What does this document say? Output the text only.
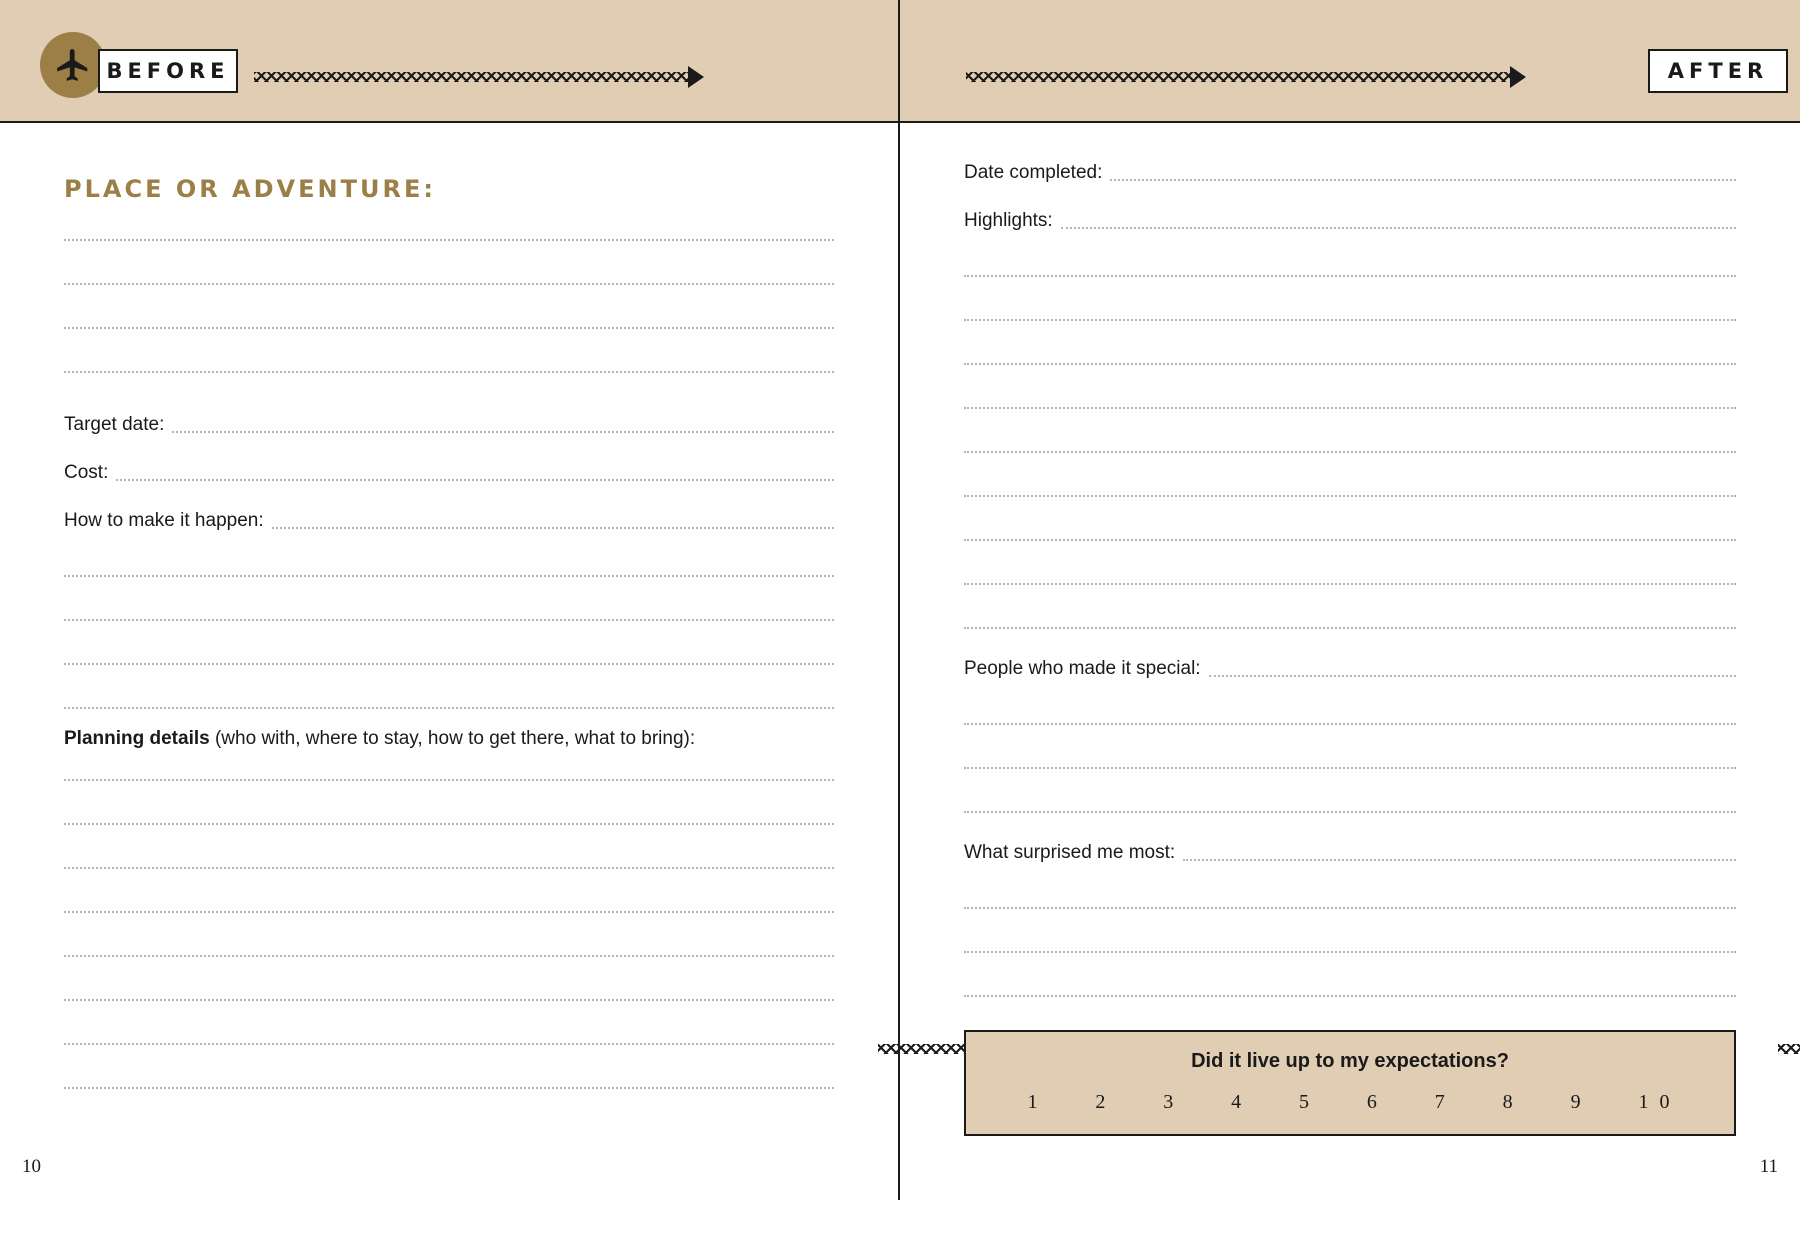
BEFORE
PLACE OR ADVENTURE:
Target date:
Cost:
How to make it happen:
Planning details (who with, where to stay, how to get there, what to bring):
10
AFTER
Date completed:
Highlights:
People who made it special:
What surprised me most:
Did it live up to my expectations?
1	2	3	4	5	6	7	8	9	1 0
11
